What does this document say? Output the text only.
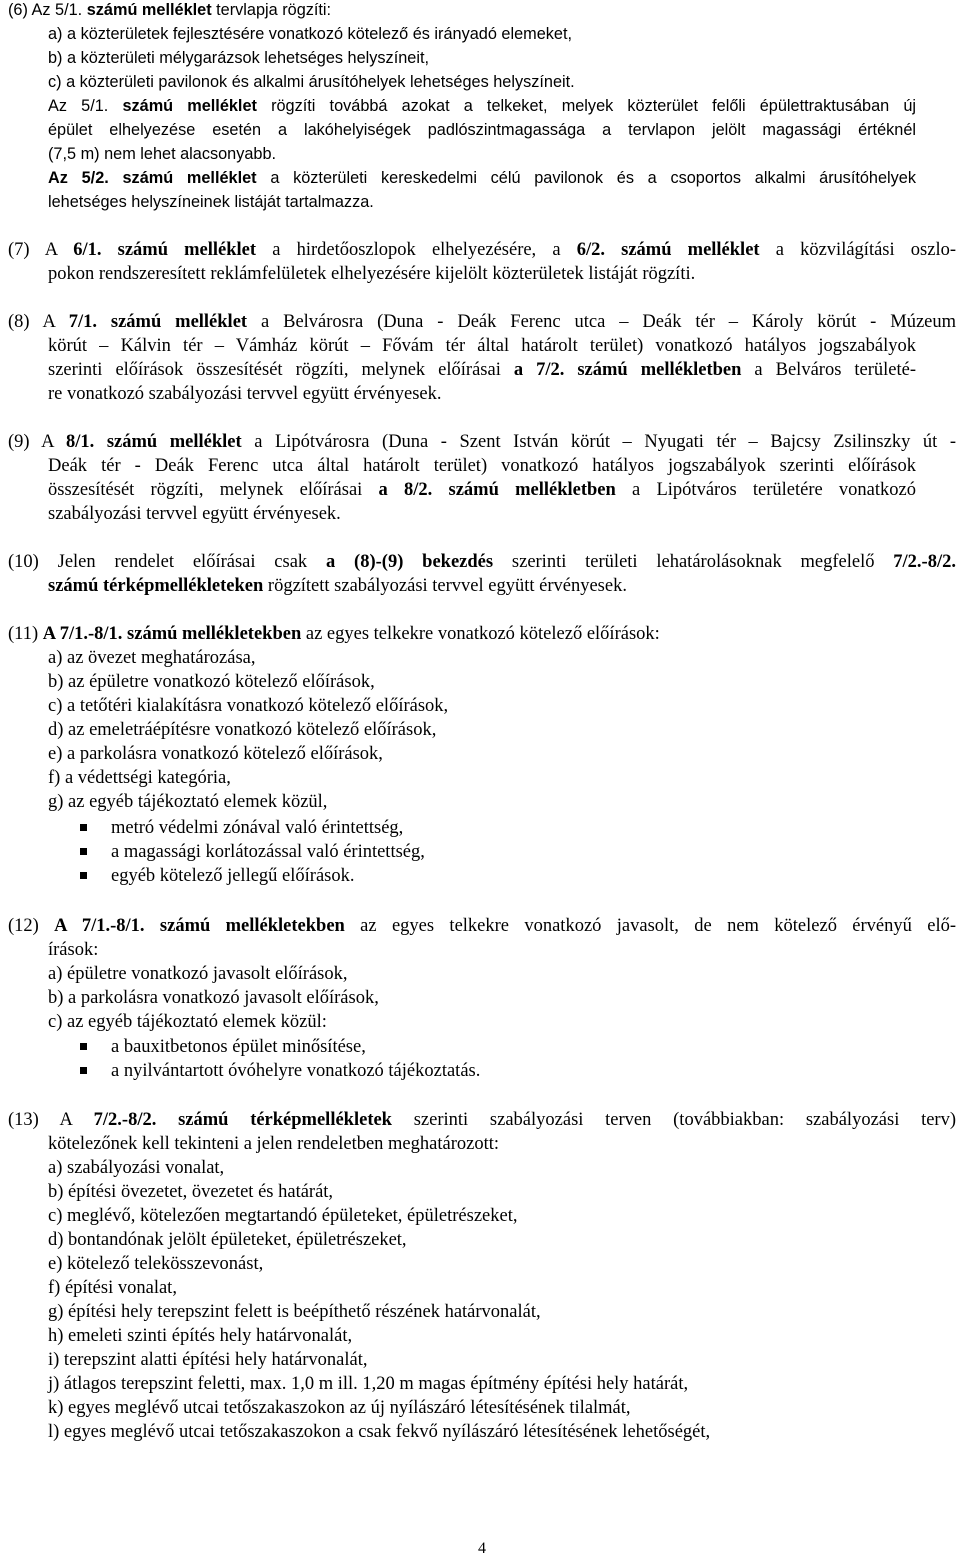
(6) Az 5/1. számú melléklet tervlapja rögzíti:
a) a közterületek fejlesztésére vonatkozó kötelező és irányadó elemeket,
b) a közterületi mélygarázsok lehetséges helyszíneit,
c) a közterületi pavilonok és alkalmi árusítóhelyek lehetséges helyszíneit.
Az 5/1. számú melléklet rögzíti továbbá azokat a telkeket, melyek közterület felőli épülettraktusában új
épület elhelyezése esetén a lakóhelyiségek padlószintmagassága a tervlapon jelölt magassági értéknél
(7,5 m) nem lehet alacsonyabb.
Az 5/2. számú melléklet a közterületi kereskedelmi célú pavilonok és a csoportos alkalmi árusítóhelyek
lehetséges helyszíneinek listáját tartalmazza.
(7) A 6/1. számú melléklet a hirdetőoszlopok elhelyezésére, a 6/2. számú melléklet a közvilágítási oszlo-
pokon rendszeresített reklámfelületek elhelyezésére kijelölt közterületek listáját rögzíti.
(8) A 7/1. számú melléklet a Belvárosra (Duna - Deák Ferenc utca – Deák tér – Károly körút - Múzeum
körút – Kálvin tér – Vámház körút – Fővám tér által határolt terület) vonatkozó hatályos jogszabályok
szerinti előírások összesítését rögzíti, melynek előírásai a 7/2. számú mellékletben a Belváros területé-
re vonatkozó szabályozási tervvel együtt érvényesek.
(9) A 8/1. számú melléklet a Lipótvárosra (Duna - Szent István körút – Nyugati tér – Bajcsy Zsilinszky út -
Deák tér - Deák Ferenc utca által határolt terület) vonatkozó hatályos jogszabályok szerinti előírások
összesítését rögzíti, melynek előírásai a 8/2. számú mellékletben a Lipótváros területére vonatkozó
szabályozási tervvel együtt érvényesek.
(10) Jelen rendelet előírásai csak a (8)-(9) bekezdés szerinti területi lehatárolásoknak megfelelő 7/2.-8/2.
számú térképmellékleteken rögzített szabályozási tervvel együtt érvényesek.
(11) A 7/1.-8/1. számú mellékletekben az egyes telkekre vonatkozó kötelező előírások:
a) az övezet meghatározása,
b) az épületre vonatkozó kötelező előírások,
c) a tetőtéri kialakításra vonatkozó kötelező előírások,
d) az emeletráépítésre vonatkozó kötelező előírások,
e) a parkolásra vonatkozó kötelező előírások,
f) a védettségi kategória,
g) az egyéb tájékoztató elemek közül,
metró védelmi zónával való érintettség,
a magassági korlátozással való érintettség,
egyéb kötelező jellegű előírások.
(12) A 7/1.-8/1. számú mellékletekben az egyes telkekre vonatkozó javasolt, de nem kötelező érvényű elő-
írások:
a) épületre vonatkozó javasolt előírások,
b) a parkolásra vonatkozó javasolt előírások,
c) az egyéb tájékoztató elemek közül:
a bauxitbetonos épület minősítése,
a nyilvántartott óvóhelyre vonatkozó tájékoztatás.
(13) A 7/2.-8/2. számú térképmellékletek szerinti szabályozási terven (továbbiakban: szabályozási terv)
kötelezőnek kell tekinteni a jelen rendeletben meghatározott:
a) szabályozási vonalat,
b) építési övezetet, övezetet és határát,
c) meglévő, kötelezően megtartandó épületeket, épületrészeket,
d) bontandónak jelölt épületeket, épületrészeket,
e) kötelező telekösszevonást,
f) építési vonalat,
g) építési hely terepszint felett is beépíthető részének határvonalát,
h) emeleti szinti építés hely határvonalát,
i) terepszint alatti építési hely határvonalát,
j) átlagos terepszint feletti, max. 1,0 m ill. 1,20 m magas építmény építési hely határát,
k) egyes meglévő utcai tetőszakaszokon az új nyílászáró létesítésének tilalmát,
l) egyes meglévő utcai tetőszakaszokon a csak fekvő nyílászáró létesítésének lehetőségét,
4
